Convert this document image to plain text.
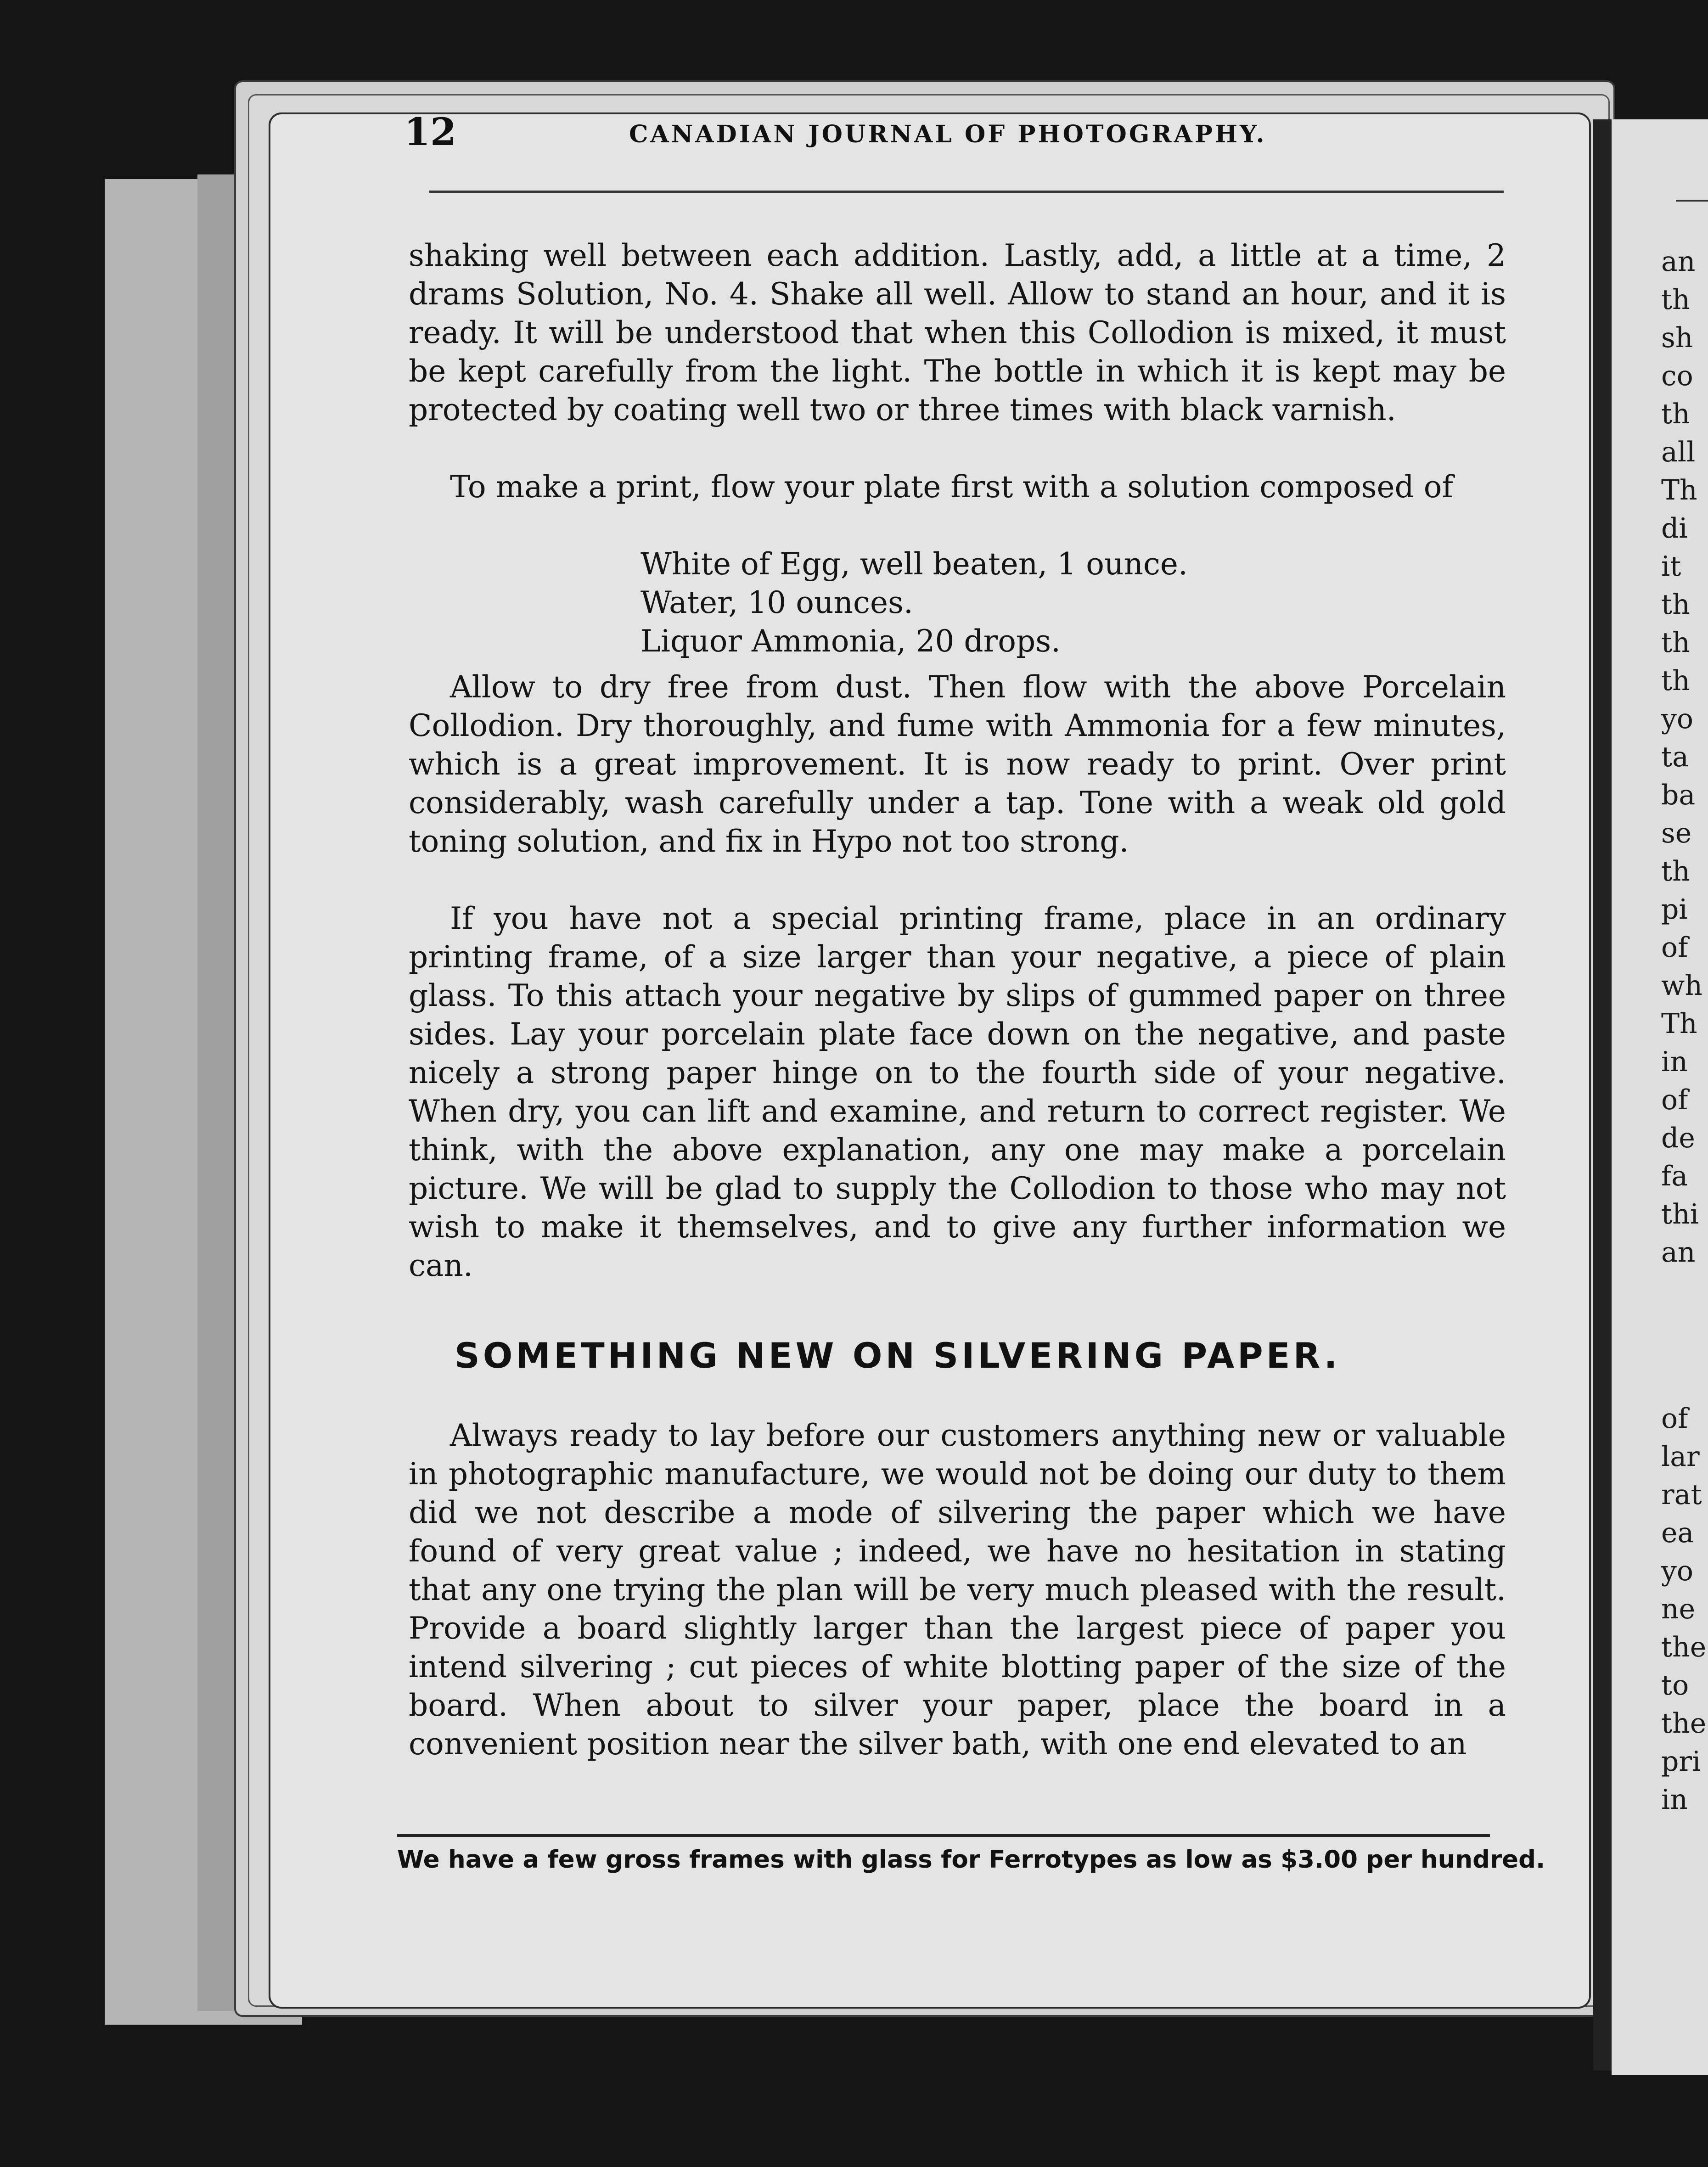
an
th
sh
co
th
all
Th
di
it
th
th
th
yo
ta
ba
se
th
pi
of
wh
Th
in
of
de
fa
thi
an
of
lar
rat
ea
yo
ne
the
to
the
pri
in
12	CANADIAN JOURNAL OF PHOTOGRAPHY.

shaking well between each addition. Lastly, add, a little at a time, 2 drams Solution, No. 4. Shake all well. Allow to stand an hour, and it is ready. It will be understood that when this Collodion is mixed, it must be kept carefully from the light. The bottle in which it is kept may be protected by coating well two or three times with black varnish.

To make a print, flow your plate first with a solution composed of

White of Egg, well beaten, 1 ounce.
Water, 10 ounces.
Liquor Ammonia, 20 drops.

Allow to dry free from dust. Then flow with the above Porcelain Collodion. Dry thoroughly, and fume with Ammonia for a few minutes, which is a great improvement. It is now ready to print. Over print considerably, wash carefully under a tap. Tone with a weak old gold toning solution, and fix in Hypo not too strong.

If you have not a special printing frame, place in an ordinary printing frame, of a size larger than your negative, a piece of plain glass. To this attach your negative by slips of gummed paper on three sides. Lay your porcelain plate face down on the negative, and paste nicely a strong paper hinge on to the fourth side of your negative. When dry, you can lift and examine, and return to correct register. We think, with the above explanation, any one may make a porcelain picture. We will be glad to supply the Collodion to those who may not wish to make it themselves, and to give any further information we can.

SOMETHING NEW ON SILVERING PAPER.

Always ready to lay before our customers anything new or valuable in photographic manufacture, we would not be doing our duty to them did we not describe a mode of silvering the paper which we have found of very great value ; indeed, we have no hesitation in stating that any one trying the plan will be very much pleased with the result. Provide a board slightly larger than the largest piece of paper you intend silvering ; cut pieces of white blotting paper of the size of the board. When about to silver your paper, place the board in a convenient position near the silver bath, with one end elevated to an

We have a few gross frames with glass for Ferrotypes as low as $3.00 per hundred.
